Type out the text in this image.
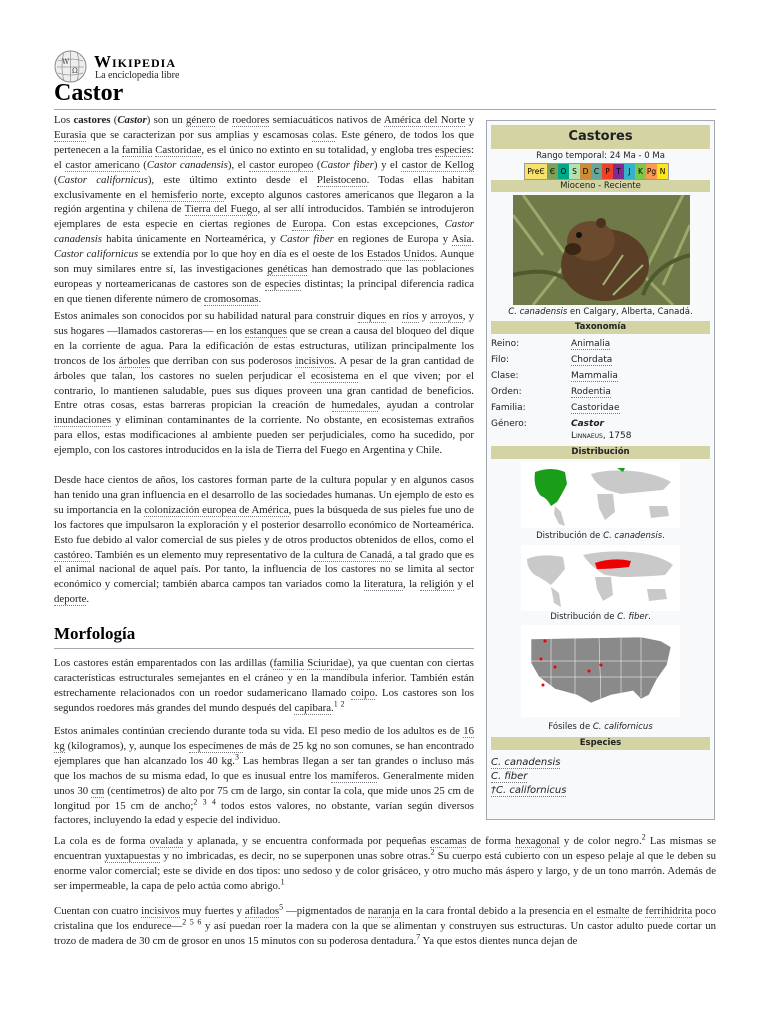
W
Ω Wikipedia
La enciclopedia libre
Castor

Los castores (Castor) son un género de roedores semiacuáticos nativos de América del Norte y Eurasia que se caracterizan por sus amplias y escamosas colas. Este género, de todos los que pertenecen a la familia Castoridae, es el único no extinto en su totalidad, y engloba tres especies: el castor americano (Castor canadensis), el castor europeo (Castor fiber) y el castor de Kellog (Castor californicus), este último extinto desde el Pleistoceno. Todas ellas habitan exclusivamente en el hemisferio norte, excepto algunos castores americanos que llegaron a la región argentina y chilena de Tierra del Fuego, al ser allí introducidos. También se introdujeron ejemplares de esta especie en ciertas regiones de Europa. Con estas excepciones, Castor canadensis habita únicamente en Norteamérica, y Castor fiber en regiones de Europa y Asia. Castor californicus se extendía por lo que hoy en día es el oeste de los Estados Unidos. Aunque son muy similares entre sí, las investigaciones genéticas han demostrado que las poblaciones europeas y norteamericanas de castores son de especies distintas; la principal diferencia radica en que tienen diferente número de cromosomas.

Estos animales son conocidos por su habilidad natural para construir diques en ríos y arroyos, y sus hogares —llamados castoreras— en los estanques que se crean a causa del bloqueo del dique en la corriente de agua. Para la edificación de estas estructuras, utilizan principalmente los troncos de los árboles que derriban con sus poderosos incisivos. A pesar de la gran cantidad de árboles que talan, los castores no suelen perjudicar el ecosistema en el que viven; por el contrario, lo mantienen saludable, pues sus diques proveen una gran cantidad de beneficios. Entre otras cosas, estas barreras propician la creación de humedales, ayudan a controlar inundaciones y eliminan contaminantes de la corriente. No obstante, en ecosistemas extraños para ellos, estas modificaciones al ambiente pueden ser perjudiciales, como ha sucedido, por ejemplo, con los castores introducidos en la isla de Tierra del Fuego en Argentina y Chile.

Desde hace cientos de años, los castores forman parte de la cultura popular y en algunos casos han tenido una gran influencia en el desarrollo de las sociedades humanas. Un ejemplo de esto es su importancia en la colonización europea de América, pues la búsqueda de sus pieles fue uno de los factores que impulsaron la exploración y el posterior desarrollo económico de Norteamérica. Esto fue debido al valor comercial de sus pieles y de otros productos obtenidos de ellos, como el castóreo. También es un elemento muy representativo de la cultura de Canadá, a tal grado que es el animal nacional de aquel país. Por tanto, la influencia de los castores no se limita al sector económico y comercial; también abarca campos tan variados como la literatura, la religión y el deporte.

Morfología

Los castores están emparentados con las ardillas (familia Sciuridae), ya que cuentan con ciertas características estructurales semejantes en el cráneo y en la mandíbula inferior. También están estrechamente relacionados con un roedor sudamericano llamado coipo. Los castores son los segundos roedores más grandes del mundo después del capibara.$^1$ $^2$

Estos animales continúan creciendo durante toda su vida. El peso medio de los adultos es de 16 kg (kilogramos), y, aunque los especímenes de más de 25 kg no son comunes, se han encontrado ejemplares que han alcanzado los 40 kg.$^3$ Las hembras llegan a ser tan grandes o incluso más que los machos de su misma edad, lo que es inusual entre los mamíferos. Generalmente miden unos 30 cm (centímetros) de alto por 75 cm de largo, sin contar la cola, que mide unos 25 cm de longitud por 15 cm de ancho;$^2$ $^3$ $^4$ todos estos valores, no obstante, varían según diversos factores, incluyendo la edad y especie del individuo.

La cola es de forma ovalada y aplanada, y se encuentra conformada por pequeñas escamas de forma hexagonal y de color negro.$^2$ Las mismas se encuentran yuxtapuestas y no imbricadas, es decir, no se superponen unas sobre otras.$^2$ Su cuerpo está cubierto con un espeso pelaje al que le deben su enorme valor comercial; este se divide en dos tipos: uno sedoso y de color grisáceo, y otro mucho más áspero y largo, y de un tono marrón. Además de ser impermeable, la capa de pelo actúa como abrigo.$^1$

Cuentan con cuatro incisivos muy fuertes y afilados$^5$ —pigmentados de naranja en la cara frontal debido a la presencia en el esmalte de ferrihidrita poco cristalina que los endurece—$^2$ $^5$ $^6$ y así puedan roer la madera con la que se alimentan y construyen sus estructuras. Un castor adulto puede cortar un trozo de madera de 30 cm de grosor en unos 15 minutos con su poderosa dentadura.$^7$ Ya que estos dientes nunca dejan de

Castores
Rango temporal: 24 Ma - 0 Ma
PreЄ Є O S D C P T	J K Pg N
Mioceno - Reciente
C. canadensis en Calgary, Alberta, Canadá.
Taxonomía
Linnaeus, 1758
Distribución
Distribución de C. canadensis.
Distribución de C. fiber.
Fósiles de C. californicus
Especies
C. canadensis
C. fiber
†C. californicus
Reino:	Animalia
Filo:	Chordata
Clase:	Mammalia
Orden:	Rodentia
Familia:	Castoridae
Género:	Castor
